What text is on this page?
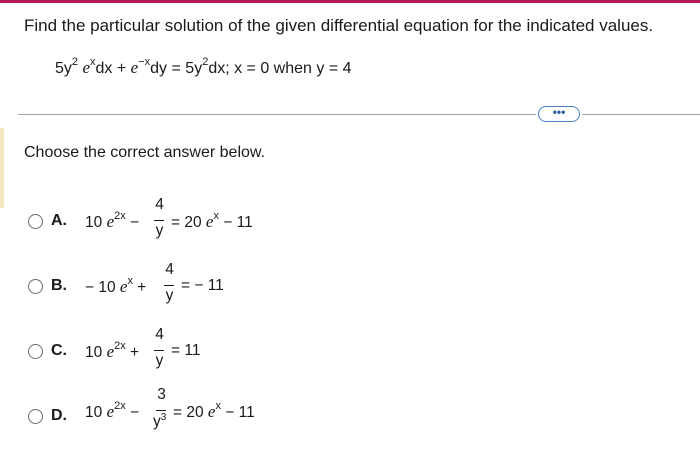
Find the particular solution of the given differential equation for the indicated values.
$5y^2$ $e^xdx + e^{-x}dy = 5y^2dx$; x = 0 when y = 4
•••
Choose the correct answer below.
A. 10 $e^{2x}$ −
4
y = 20 $e^x - 11$
B. − 10 $e^x$ +
4
y
= − 11
C. 10 $e^{2x}$ +
4
y
= 11
D. 10 $e^{2x}$ −
3
$y^3 = 20$ $e^x - 11$
